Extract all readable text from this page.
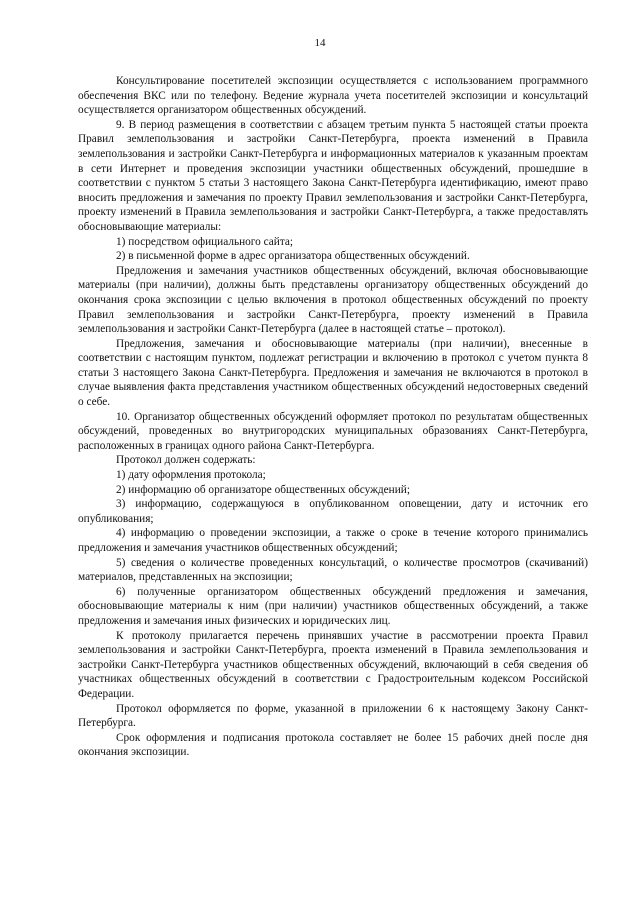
14

Консультирование посетителей экспозиции осуществляется с использованием программного обеспечения ВКС или по телефону. Ведение журнала учета посетителей экспозиции и консультаций осуществляется организатором общественных обсуждений.

9. В период размещения в соответствии с абзацем третьим пункта 5 настоящей статьи проекта Правил землепользования и застройки Санкт-Петербурга, проекта изменений в Правила землепользования и застройки Санкт-Петербурга и информационных материалов к указанным проектам в сети Интернет и проведения экспозиции участники общественных обсуждений, прошедшие в соответствии с пунктом 5 статьи 3 настоящего Закона Санкт-Петербурга идентификацию, имеют право вносить предложения и замечания по проекту Правил землепользования и застройки Санкт-Петербурга, проекту изменений в Правила землепользования и застройки Санкт-Петербурга, а также предоставлять обосновывающие материалы:

1) посредством официального сайта;

2) в письменной форме в адрес организатора общественных обсуждений.

Предложения и замечания участников общественных обсуждений, включая обосновывающие материалы (при наличии), должны быть представлены организатору общественных обсуждений до окончания срока экспозиции с целью включения в протокол общественных обсуждений по проекту Правил землепользования и застройки Санкт-Петербурга, проекту изменений в Правила землепользования и застройки Санкт-Петербурга (далее в настоящей статье – протокол).

Предложения, замечания и обосновывающие материалы (при наличии), внесенные в соответствии с настоящим пунктом, подлежат регистрации и включению в протокол с учетом пункта 8 статьи 3 настоящего Закона Санкт-Петербурга. Предложения и замечания не включаются в протокол в случае выявления факта представления участником общественных обсуждений недостоверных сведений о себе.

10. Организатор общественных обсуждений оформляет протокол по результатам общественных обсуждений, проведенных во внутригородских муниципальных образованиях Санкт-Петербурга, расположенных в границах одного района Санкт-Петербурга.

Протокол должен содержать:

1) дату оформления протокола;

2) информацию об организаторе общественных обсуждений;

3) информацию, содержащуюся в опубликованном оповещении, дату и источник его опубликования;

4) информацию о проведении экспозиции, а также о сроке в течение которого принимались предложения и замечания участников общественных обсуждений;

5) сведения о количестве проведенных консультаций, о количестве просмотров (скачиваний) материалов, представленных на экспозиции;

6) полученные организатором общественных обсуждений предложения и замечания, обосновывающие материалы к ним (при наличии) участников общественных обсуждений, а также предложения и замечания иных физических и юридических лиц.

К протоколу прилагается перечень принявших участие в рассмотрении проекта Правил землепользования и застройки Санкт-Петербурга, проекта изменений в Правила землепользования и застройки Санкт-Петербурга участников общественных обсуждений, включающий в себя сведения об участниках общественных обсуждений в соответствии с Градостроительным кодексом Российской Федерации.

Протокол оформляется по форме, указанной в приложении 6 к настоящему Закону Санкт-Петербурга.

Срок оформления и подписания протокола составляет не более 15 рабочих дней после дня окончания экспозиции.
